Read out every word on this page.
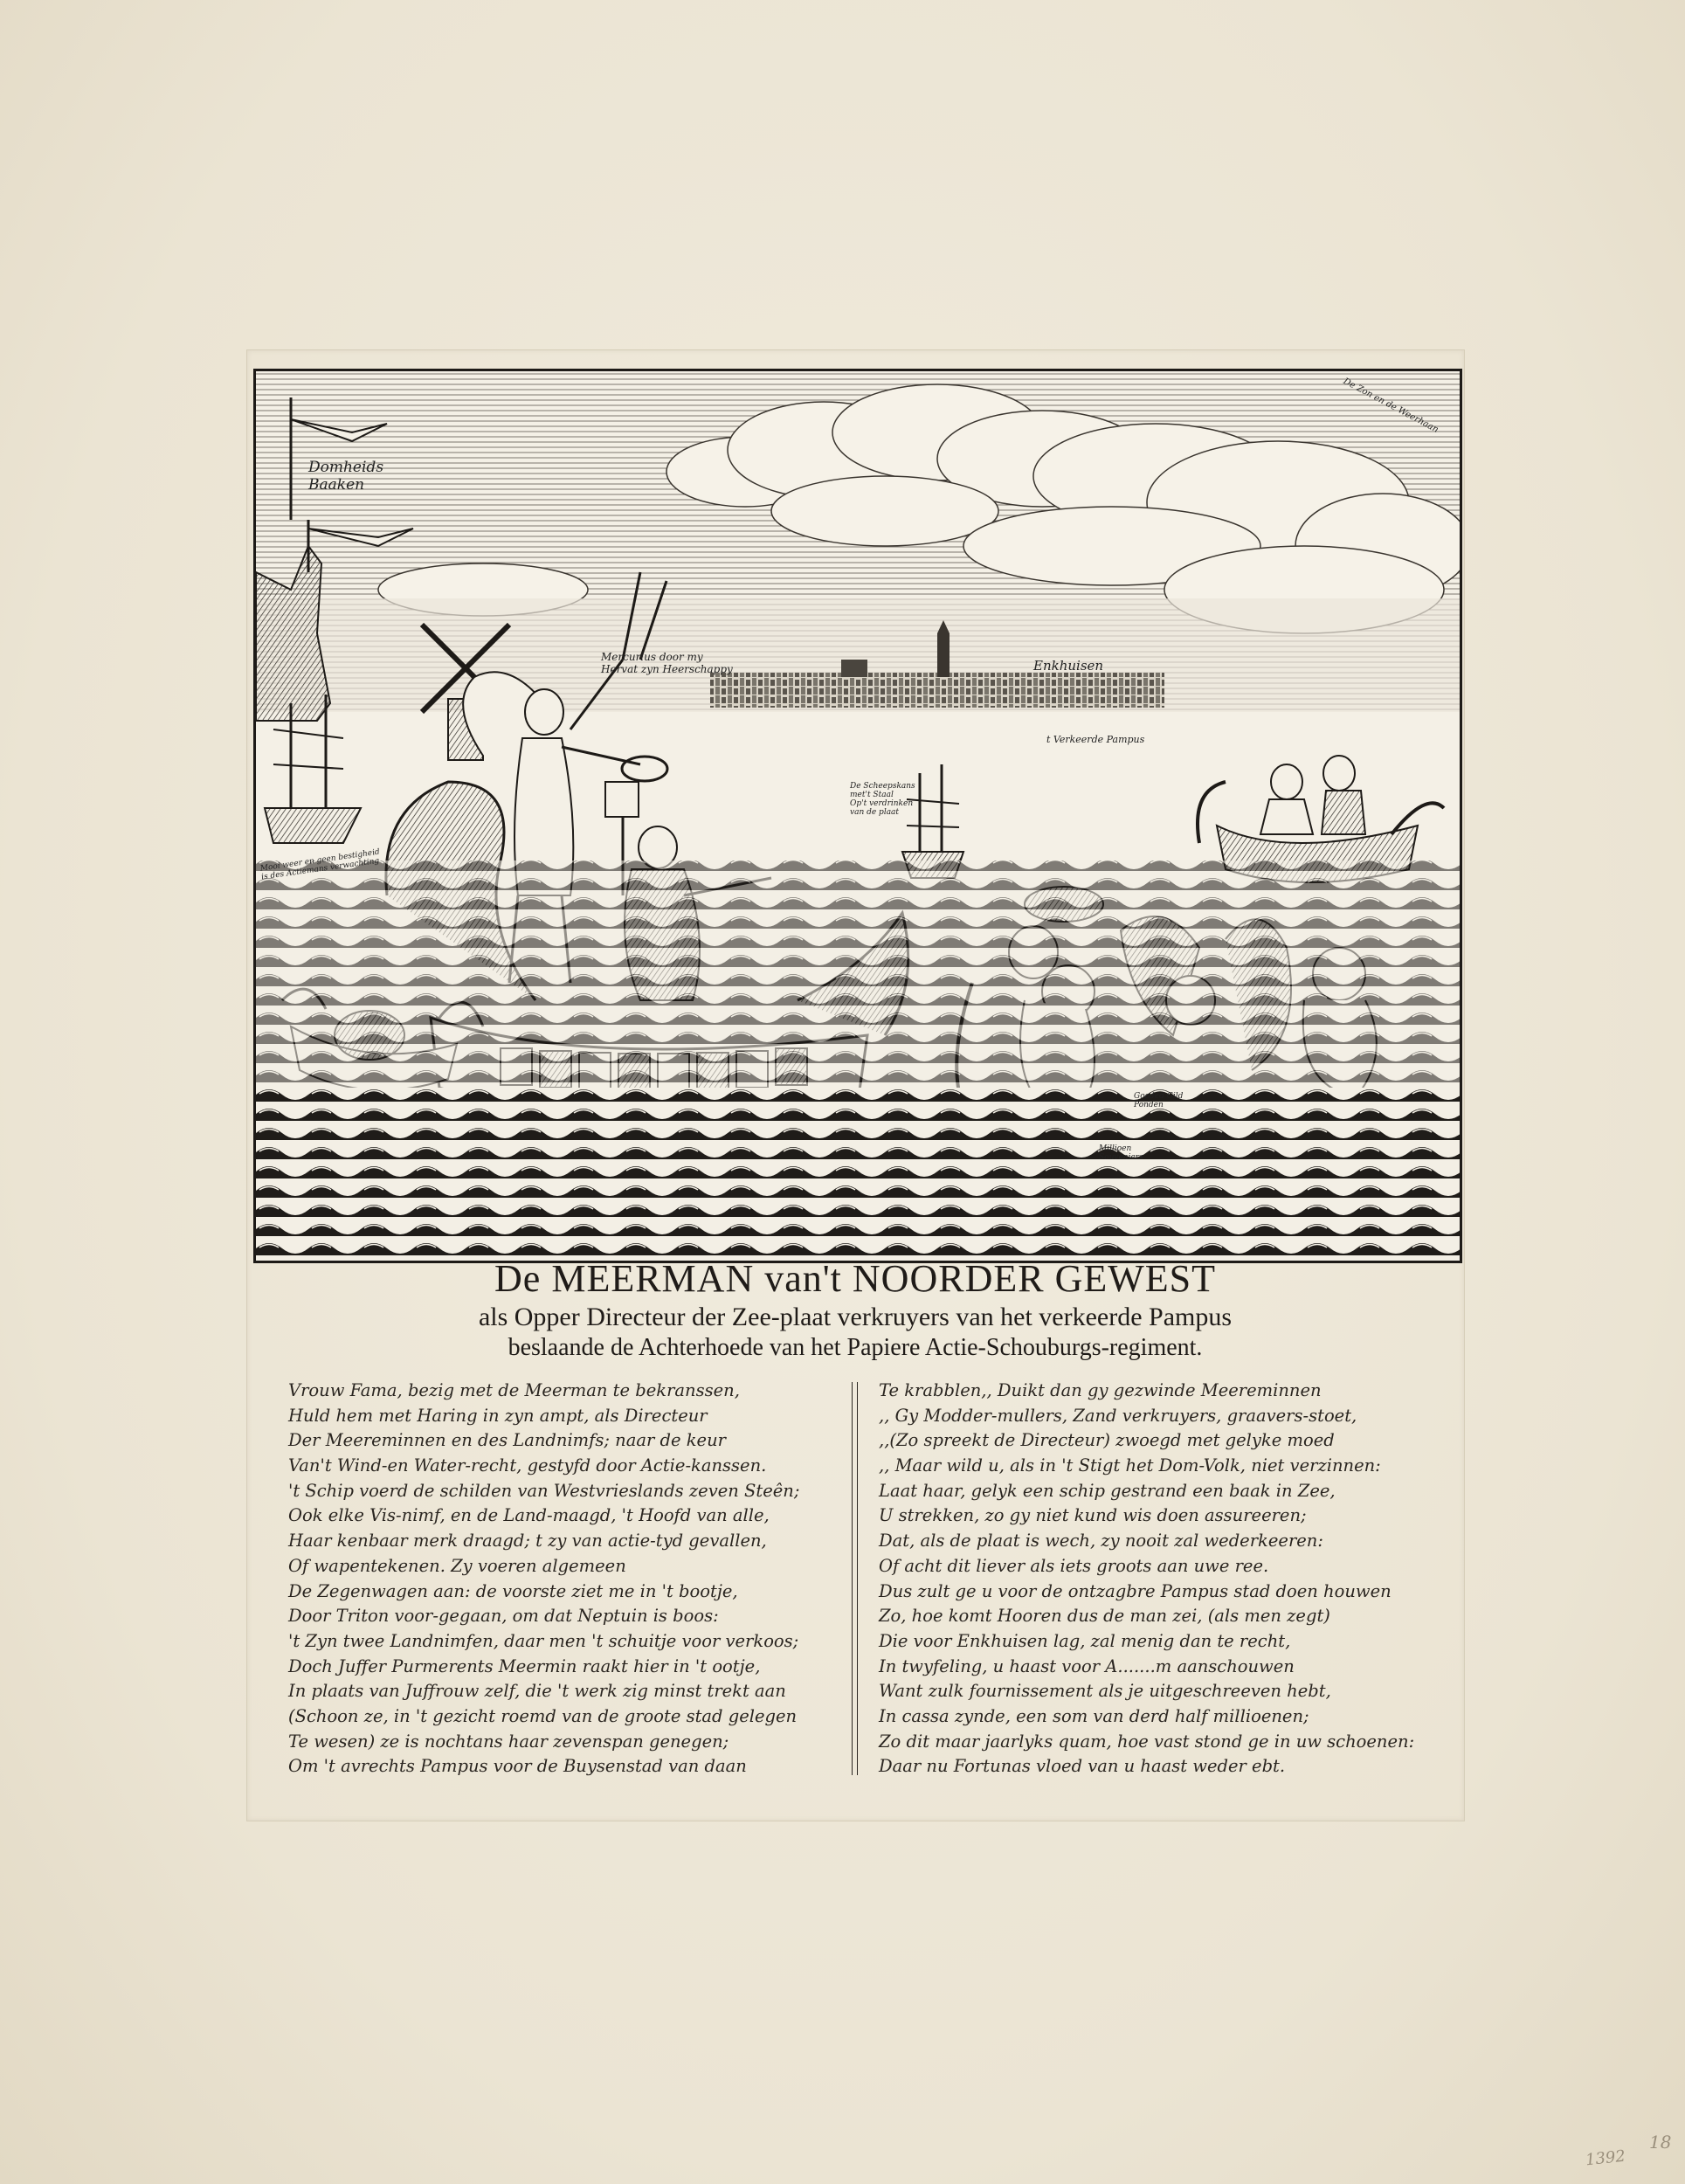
Domheids
Baaken
Mercurius door my
Hervat zyn Heerschappy	Enkhuisen
t Verkeerde Pampus
De Zon en de Weerhaan
De Scheepskans
met't Staal
Op't verdrinken
van de plaat
Mooi weer en geen bestigheid
is des Actiemans verwachting
Gooded Gild
Ponden
Millioen
Souveniers
De MEERMAN van't NOORDER GEWEST
als Opper Directeur der Zee-plaat verkruyers van het verkeerde Pampus
beslaande de Achterhoede van het Papiere Actie-Schouburgs-regiment.
Vrouw Fama, bezig met de Meerman te bekranssen,
Huld hem met Haring in zyn ampt, als Directeur
Der Meereminnen en des Landnimfs; naar de keur
Van't Wind-en Water-recht, gestyfd door Actie-kanssen.
't Schip voerd de schilden van Westvrieslands zeven Steên;
Ook elke Vis-nimf, en de Land-maagd, 't Hoofd van alle,
Haar kenbaar merk draagd; t zy van actie-tyd gevallen,
Of wapentekenen. Zy voeren algemeen
De Zegenwagen aan: de voorste ziet me in 't bootje,
Door Triton voor-gegaan, om dat Neptuin is boos:
't Zyn twee Landnimfen, daar men 't schuitje voor verkoos;
Doch Juffer Purmerents Meermin raakt hier in 't ootje,
In plaats van Juffrouw zelf, die 't werk zig minst trekt aan
(Schoon ze, in 't gezicht roemd van de groote stad gelegen
Te wesen) ze is nochtans haar zevenspan genegen;
Om 't avrechts Pampus voor de Buysenstad van daan
Te krabblen,, Duikt dan gy gezwinde Meereminnen
,, Gy Modder-mullers, Zand verkruyers, graavers-stoet,
,,(Zo spreekt de Directeur) zwoegd met gelyke moed
,, Maar wild u, als in 't Stigt het Dom-Volk, niet verzinnen:
Laat haar, gelyk een schip gestrand een baak in Zee,
U strekken, zo gy niet kund wis doen assureeren;
Dat, als de plaat is wech, zy nooit zal wederkeeren:
Of acht dit liever als iets groots aan uwe ree.
Dus zult ge u voor de ontzagbre Pampus stad doen houwen
Zo, hoe komt Hooren dus de man zei, (als men zegt)
Die voor Enkhuisen lag, zal menig dan te recht,
In twyfeling, u haast voor A.......m aanschouwen
Want zulk fournissement als je uitgeschreeven hebt,
In cassa zynde, een som van derd half millioenen;
Zo dit maar jaarlyks quam, hoe vast stond ge in uw schoenen:
Daar nu Fortunas vloed van u haast weder ebt.
18
1392
